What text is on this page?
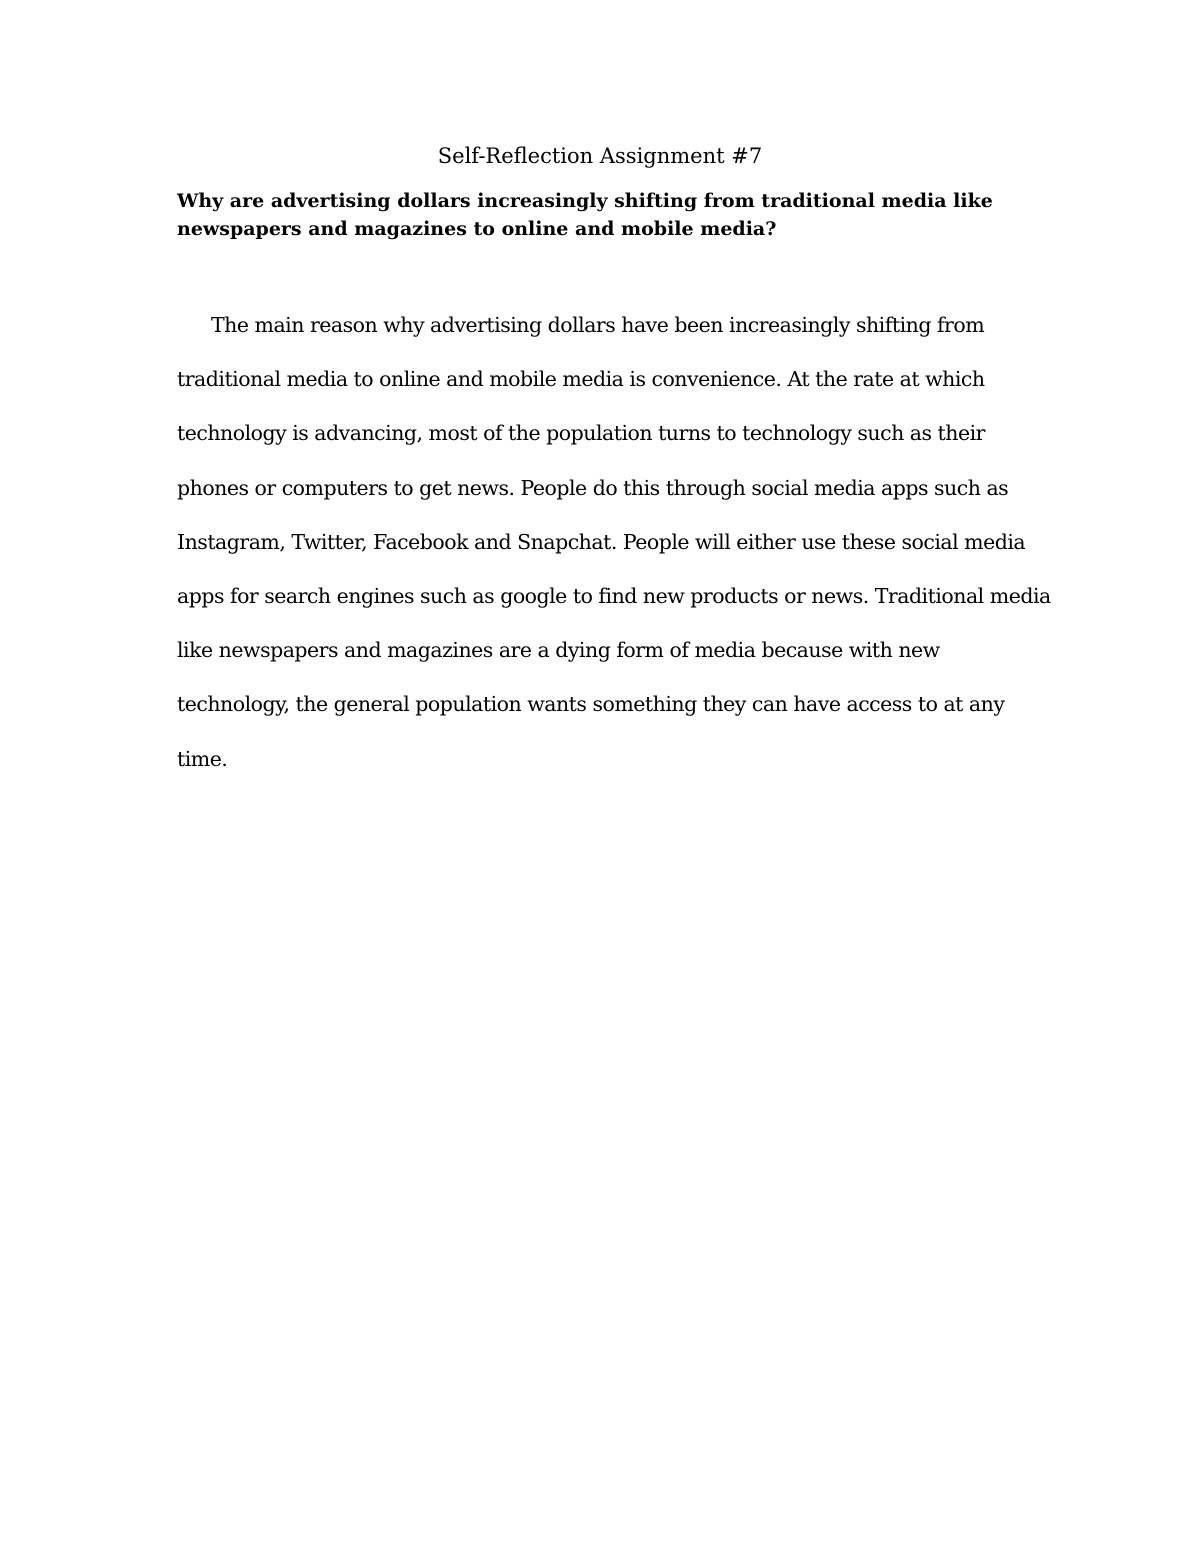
Self-Reflection Assignment #7

Why are advertising dollars increasingly shifting from traditional media like newspapers and magazines to online and mobile media?

The main reason why advertising dollars have been increasingly shifting from traditional media to online and mobile media is convenience. At the rate at which technology is advancing, most of the population turns to technology such as their phones or computers to get news. People do this through social media apps such as Instagram, Twitter, Facebook and Snapchat. People will either use these social media apps for search engines such as google to find new products or news. Traditional media like newspapers and magazines are a dying form of media because with new technology, the general population wants something they can have access to at any time.
